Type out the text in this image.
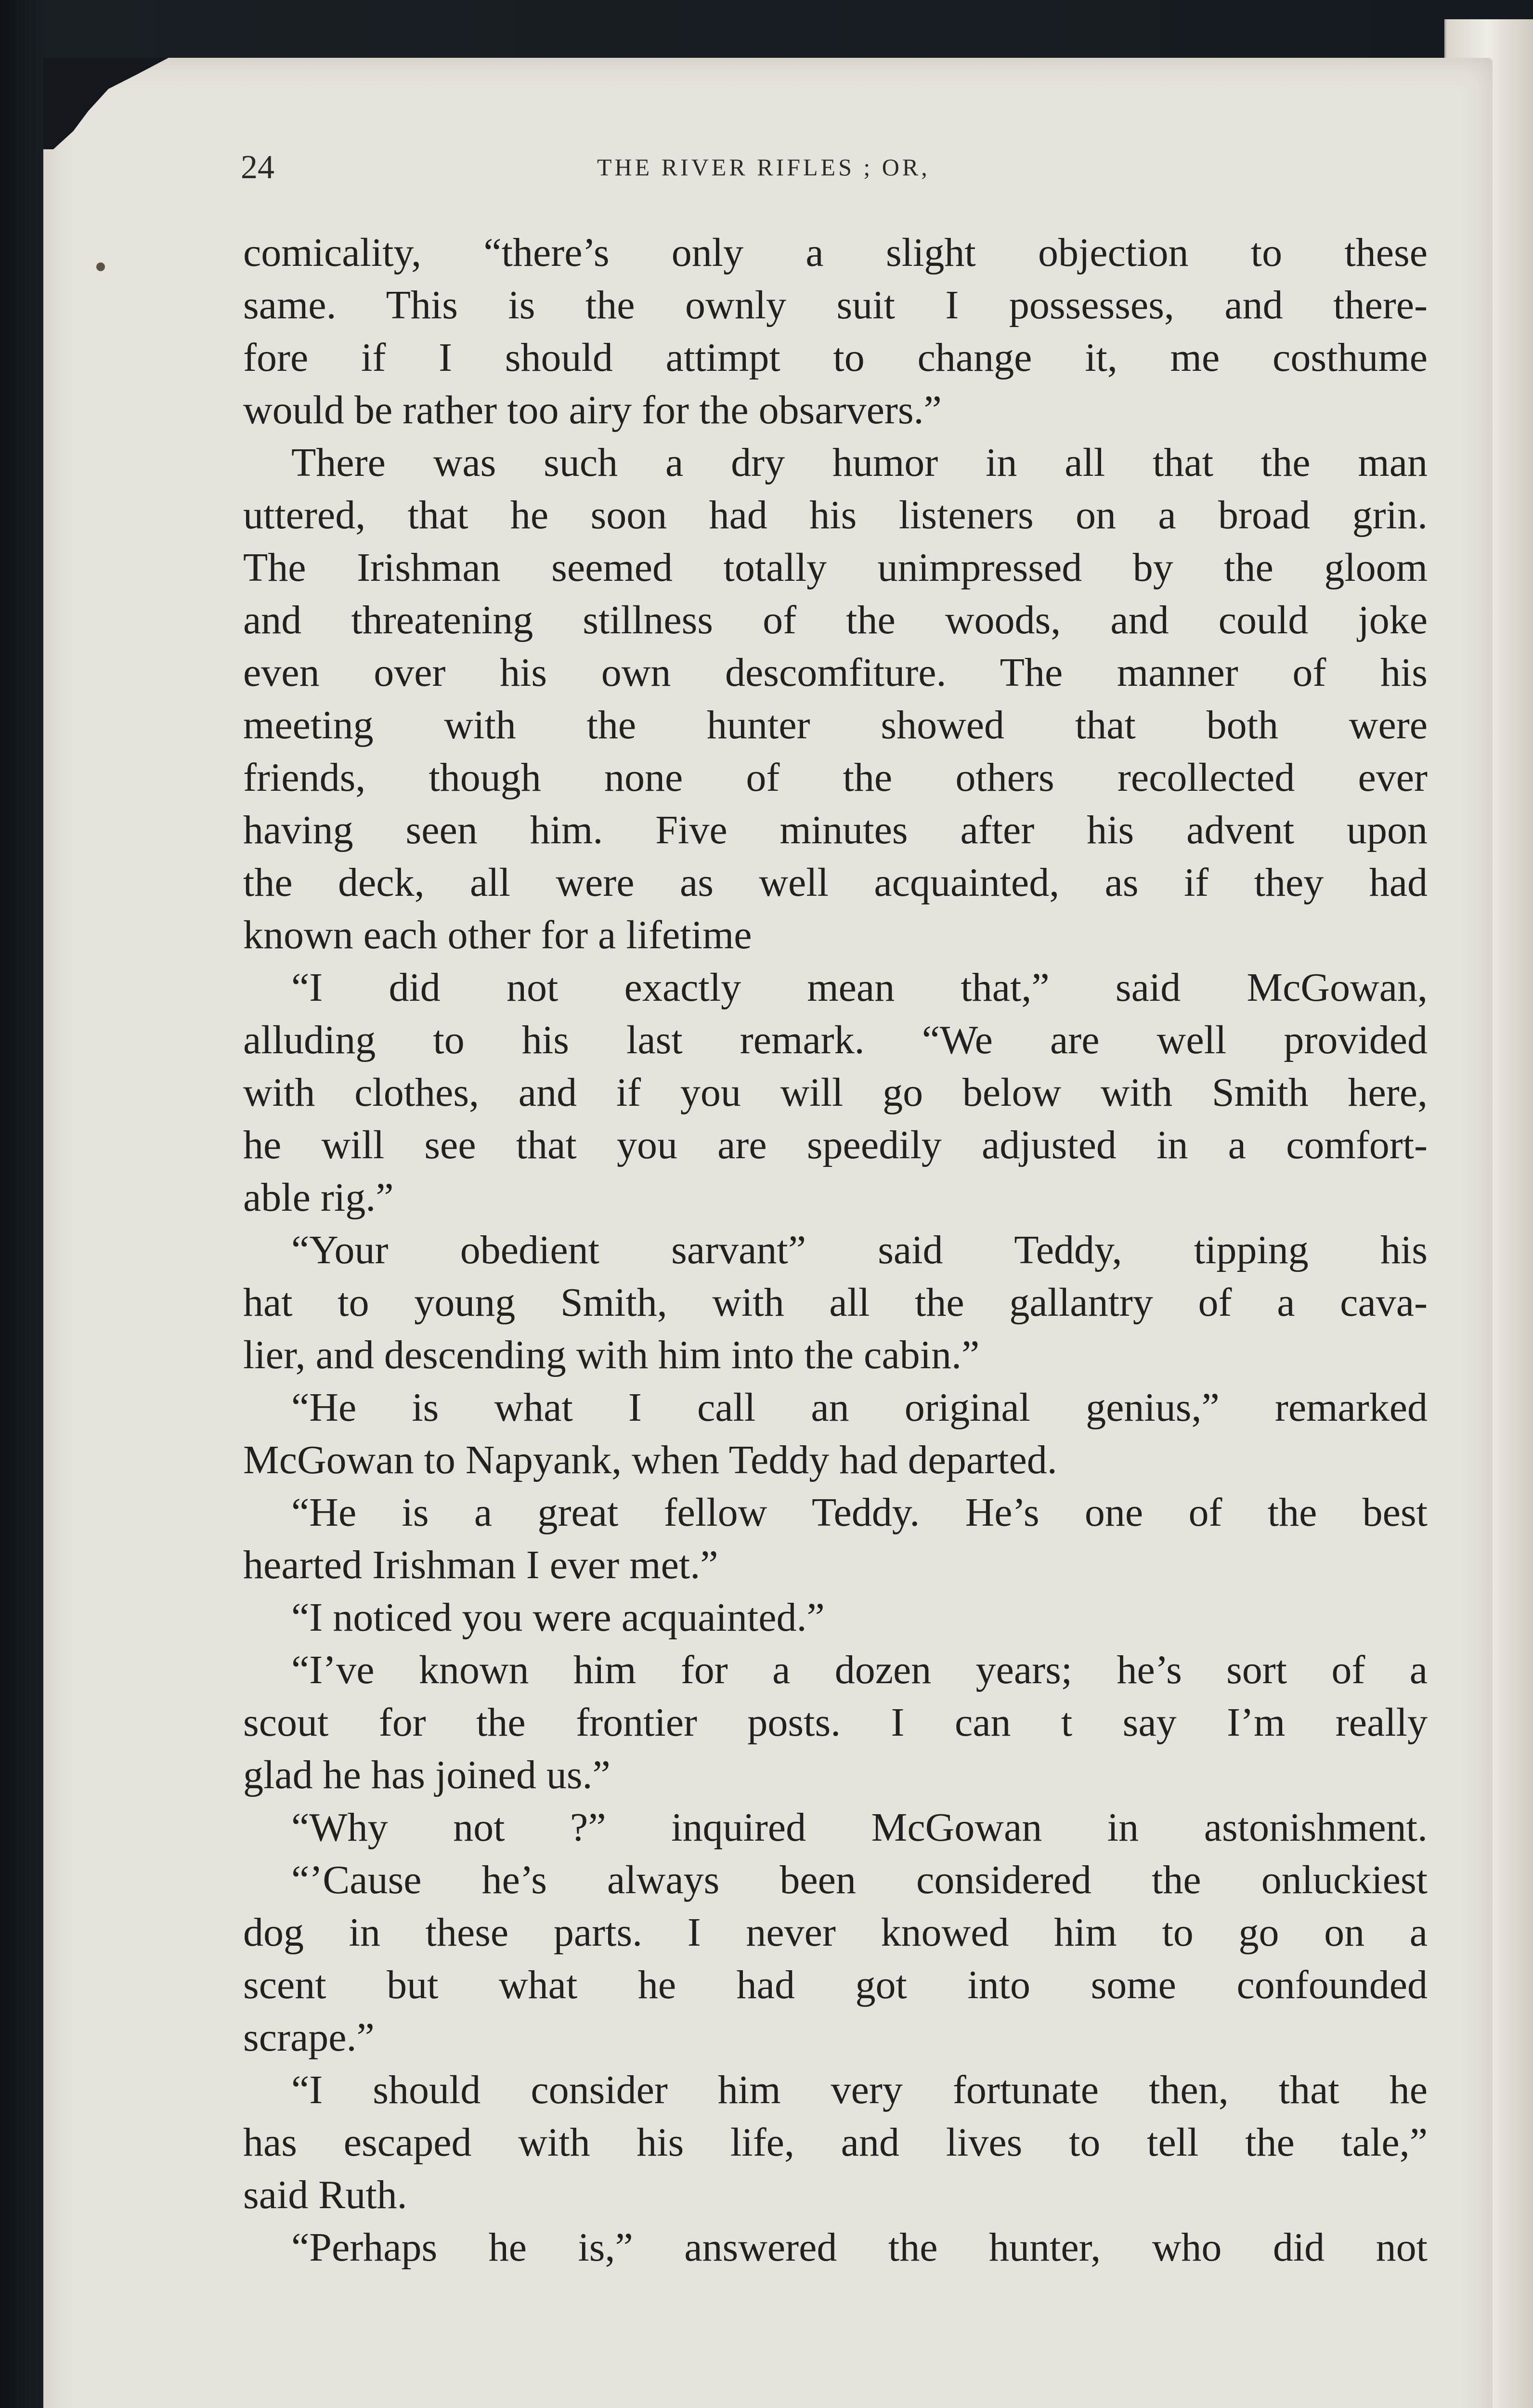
24	THE RIVER RIFLES ; OR,
comicality, “there’s only a slight objection to these
same. This is the ownly suit I possesses, and there-
fore if I should attimpt to change it, me costhume
would be rather too airy for the obsarvers.”
There was such a dry humor in all that the man
uttered, that he soon had his listeners on a broad grin.
The Irishman seemed totally unimpressed by the gloom
and threatening stillness of the woods, and could joke
even over his own descomfiture. The manner of his
meeting with the hunter showed that both were
friends, though none of the others recollected ever
having seen him. Five minutes after his advent upon
the deck, all were as well acquainted, as if they had
known each other for a lifetime
“I did not exactly mean that,” said McGowan,
alluding to his last remark. “We are well provided
with clothes, and if you will go below with Smith here,
he will see that you are speedily adjusted in a comfort-
able rig.”
“Your obedient sarvant” said Teddy, tipping his
hat to young Smith, with all the gallantry of a cava-
lier, and descending with him into the cabin.”
“He is what I call an original genius,” remarked
McGowan to Napyank, when Teddy had departed.
“He is a great fellow Teddy. He’s one of the best
hearted Irishman I ever met.”
“I noticed you were acquainted.”
“I’ve known him for a dozen years; he’s sort of a
scout for the frontier posts. I can t say I’m really
glad he has joined us.”
“Why not ?” inquired McGowan in astonishment.
“’Cause he’s always been considered the onluckiest
dog in these parts. I never knowed him to go on a
scent but what he had got into some confounded
scrape.”
“I should consider him very fortunate then, that he
has escaped with his life, and lives to tell the tale,”
said Ruth.
“Perhaps he is,” answered the hunter, who did not
